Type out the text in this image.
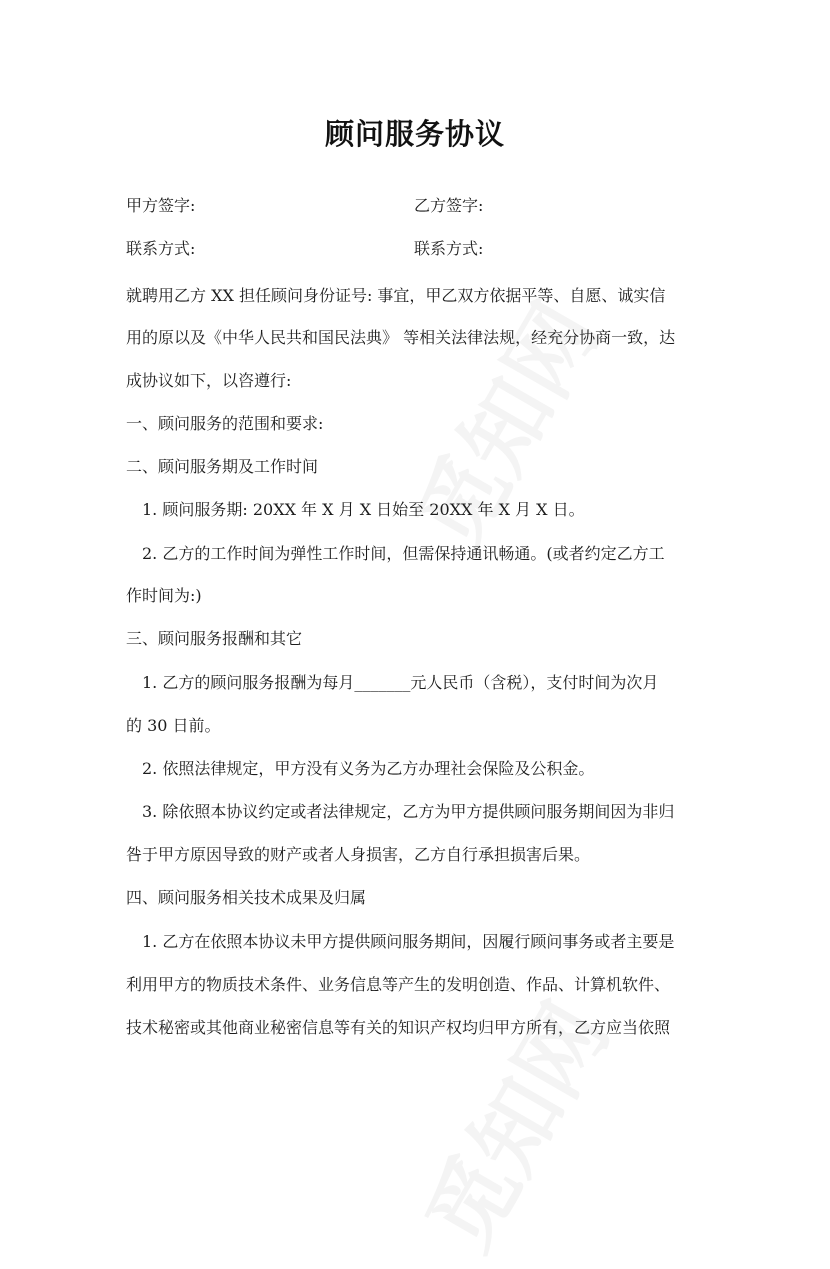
顾问服务协议
甲方签字:	乙方签字:
联系方式:	联系方式:
就聘用乙方 XX 担任顾问身份证号: 事宜，甲乙双方依据平等、自愿、诚实信
用的原以及《中华人民共和国民法典》 等相关法律法规，经充分协商一致，达
成协议如下，以咨遵行:
一、顾问服务的范围和要求:
二、顾问服务期及工作时间
1. 顾问服务期: 20XX 年 X 月 X 日始至 20XX 年 X 月 X 日。
2. 乙方的工作时间为弹性工作时间，但需保持通讯畅通。(或者约定乙方工
作时间为:)
三、顾问服务报酬和其它
1. 乙方的顾问服务报酬为每月_______元人民币（含税），支付时间为次月
的 30 日前。
2. 依照法律规定，甲方没有义务为乙方办理社会保险及公积金。
3. 除依照本协议约定或者法律规定，乙方为甲方提供顾问服务期间因为非归
咎于甲方原因导致的财产或者人身损害，乙方自行承担损害后果。
四、顾问服务相关技术成果及归属
1. 乙方在依照本协议未甲方提供顾问服务期间，因履行顾问事务或者主要是
利用甲方的物质技术条件、业务信息等产生的发明创造、作品、计算机软件、
技术秘密或其他商业秘密信息等有关的知识产权均归甲方所有，乙方应当依照
